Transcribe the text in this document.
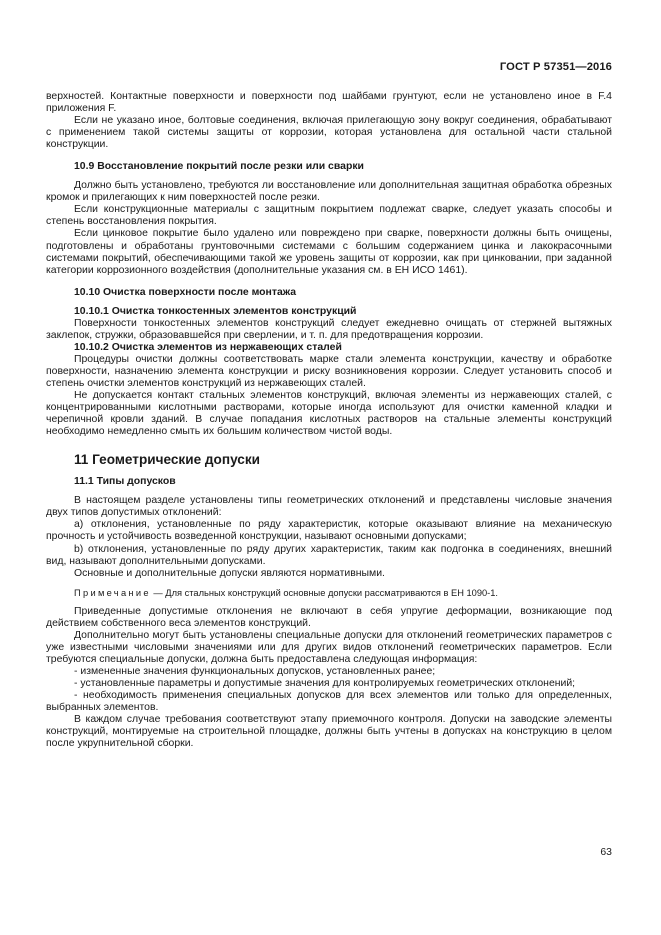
ГОСТ Р 57351—2016

верхностей. Контактные поверхности и поверхности под шайбами грунтуют, если не установлено иное в F.4 приложения F.

Если не указано иное, болтовые соединения, включая прилегающую зону вокруг соединения, обрабатывают с применением такой системы защиты от коррозии, которая установлена для остальной части стальной конструкции.

10.9 Восстановление покрытий после резки или сварки

Должно быть установлено, требуются ли восстановление или дополнительная защитная обработка обрезных кромок и прилегающих к ним поверхностей после резки.

Если конструкционные материалы с защитным покрытием подлежат сварке, следует указать способы и степень восстановления покрытия.

Если цинковое покрытие было удалено или повреждено при сварке, поверхности должны быть очищены, подготовлены и обработаны грунтовочными системами с большим содержанием цинка и лакокрасочными системами покрытий, обеспечивающими такой же уровень защиты от коррозии, как при цинковании, при заданной категории коррозионного воздействия (дополнительные указания см. в ЕН ИСО 1461).

10.10 Очистка поверхности после монтажа

10.10.1 Очистка тонкостенных элементов конструкций

Поверхности тонкостенных элементов конструкций следует ежедневно очищать от стержней вытяжных заклепок, стружки, образовавшейся при сверлении, и т. п. для предотвращения коррозии.

10.10.2 Очистка элементов из нержавеющих сталей

Процедуры очистки должны соответствовать марке стали элемента конструкции, качеству и обработке поверхности, назначению элемента конструкции и риску возникновения коррозии. Следует установить способ и степень очистки элементов конструкций из нержавеющих сталей.

Не допускается контакт стальных элементов конструкций, включая элементы из нержавеющих сталей, с концентрированными кислотными растворами, которые иногда используют для очистки каменной кладки и черепичной кровли зданий. В случае попадания кислотных растворов на стальные элементы конструкций необходимо немедленно смыть их большим количеством чистой воды.

11 Геометрические допуски

11.1 Типы допусков

В настоящем разделе установлены типы геометрических отклонений и представлены числовые значения двух типов допустимых отклонений:

а) отклонения, установленные по ряду характеристик, которые оказывают влияние на механическую прочность и устойчивость возведенной конструкции, называют основными допусками;

b) отклонения, установленные по ряду других характеристик, таким как подгонка в соединениях, внешний вид, называют дополнительными допусками.

Основные и дополнительные допуски являются нормативными.

Примечание — Для стальных конструкций основные допуски рассматриваются в ЕН 1090-1.

Приведенные допустимые отклонения не включают в себя упругие деформации, возникающие под действием собственного веса элементов конструкций.

Дополнительно могут быть установлены специальные допуски для отклонений геометрических параметров с уже известными числовыми значениями или для других видов отклонений геометрических параметров. Если требуются специальные допуски, должна быть предоставлена следующая информация:

- измененные значения функциональных допусков, установленных ранее;

- установленные параметры и допустимые значения для контролируемых геометрических отклонений;

- необходимость применения специальных допусков для всех элементов или только для определенных, выбранных элементов.

В каждом случае требования соответствуют этапу приемочного контроля. Допуски на заводские элементы конструкций, монтируемые на строительной площадке, должны быть учтены в допусках на конструкцию в целом после укрупнительной сборки.

63
